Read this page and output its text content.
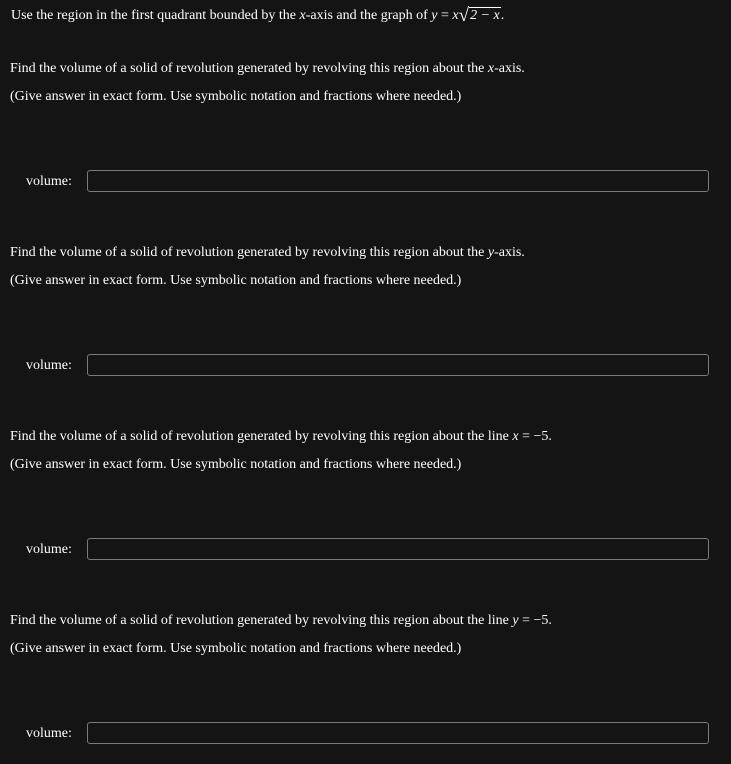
Use the region in the first quadrant bounded by the x-axis and the graph of y = x√2 − x.
Find the volume of a solid of revolution generated by revolving this region about the x-axis.
(Give answer in exact form. Use symbolic notation and fractions where needed.)
volume:
Find the volume of a solid of revolution generated by revolving this region about the y-axis.
(Give answer in exact form. Use symbolic notation and fractions where needed.)
volume:
Find the volume of a solid of revolution generated by revolving this region about the line x = −5.
(Give answer in exact form. Use symbolic notation and fractions where needed.)
volume:
Find the volume of a solid of revolution generated by revolving this region about the line y = −5.
(Give answer in exact form. Use symbolic notation and fractions where needed.)
volume:
